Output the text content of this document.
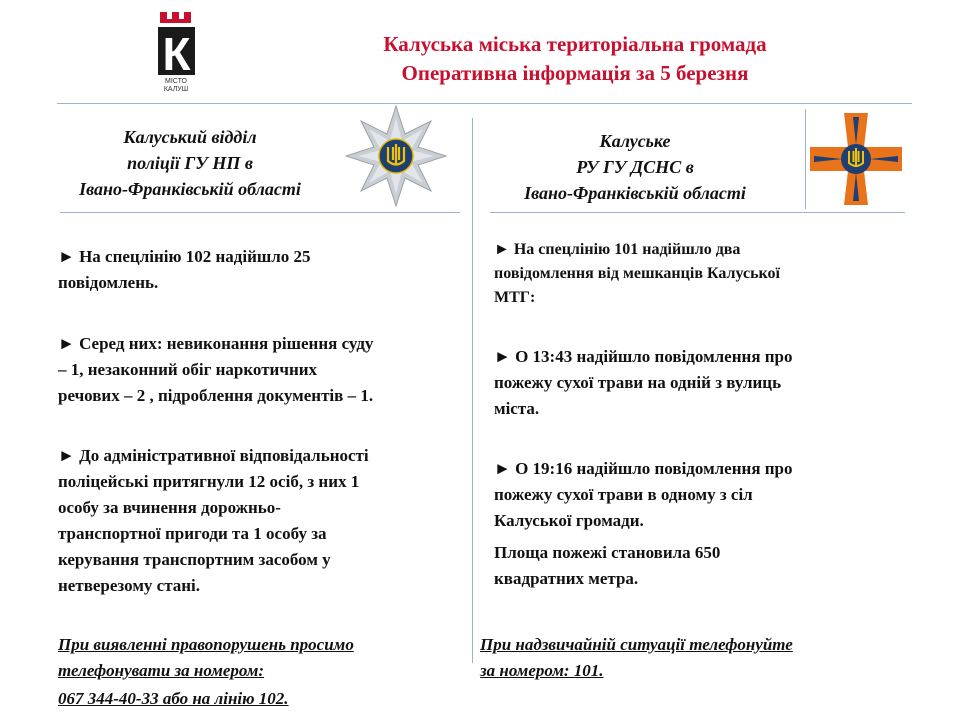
К
МІСТО
КАЛУШ
Калуська міська територіальна громада
Оперативна інформація за 5 березня
Калуський відділ
поліції ГУ НП в
Івано-Франківській області
► На спецлінію 102 надійшло 25
повідомлень.
► Серед них: невиконання рішення суду
– 1, незаконний обіг наркотичних
речових – 2 , підроблення документів – 1.
► До адміністративної відповідальності
поліцейські притягнули 12 осіб, з них 1
особу за вчинення дорожньо-
транспортної пригоди та 1 особу за
керування транспортним засобом у
нетверезому стані.
При виявленні правопорушень просимо
телефонувати за номером:
067 344-40-33 або на лінію 102.
Калуське
РУ ГУ ДСНС в
Івано-Франківській області
► На спецлінію 101 надійшло два
повідомлення від мешканців Калуської
МТГ:
► О 13:43 надійшло повідомлення про
пожежу сухої трави на одній з вулиць
міста.
► О 19:16 надійшло повідомлення про
пожежу сухої трави в одному з сіл
Калуської громади.
Площа пожежі становила 650
квадратних метра.
При надзвичайній ситуації телефонуйте
за номером: 101.
